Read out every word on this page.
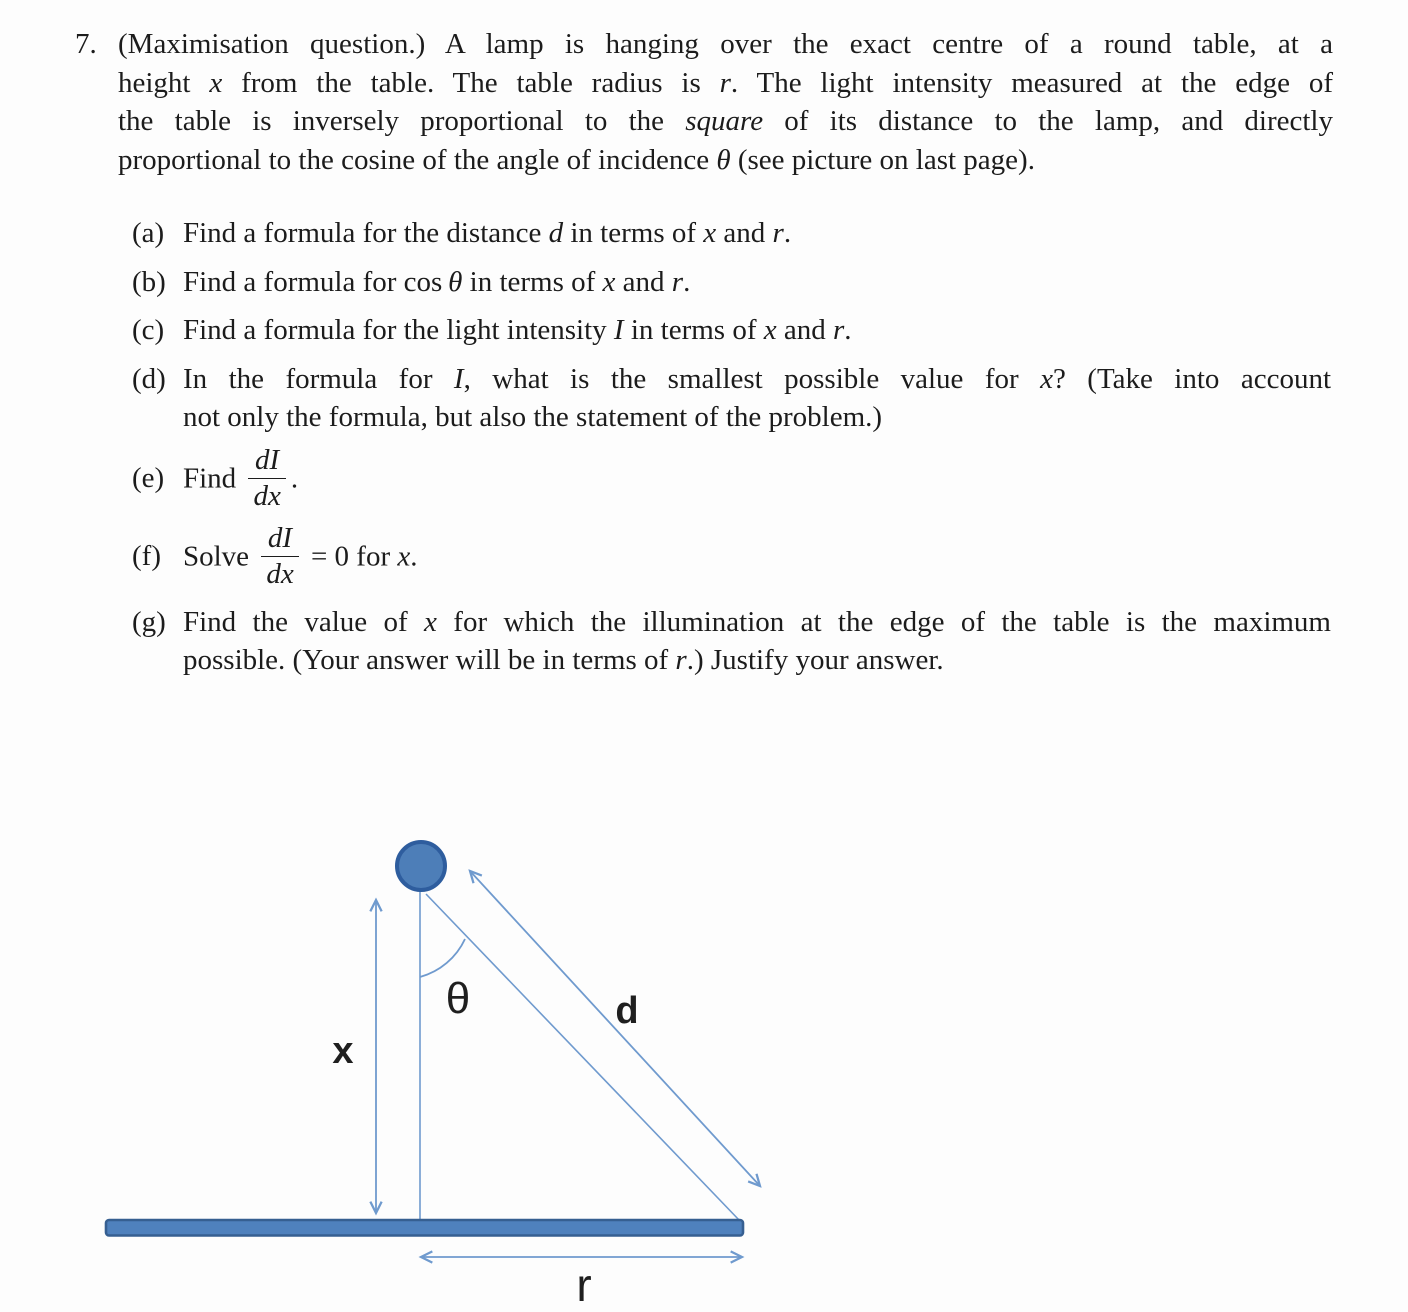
7. (Maximisation question.) A lamp is hanging over the exact centre of a round table, at a
height x from the table. The table radius is r. The light intensity measured at the edge of
the table is inversely proportional to the square of its distance to the lamp, and directly
proportional to the cosine of the angle of incidence θ (see picture on last page).
(a) Find a formula for the distance d in terms of x and r.
(b) Find a formula for cos θ in terms of x and r.
(c) Find a formula for the light intensity I in terms of x and r.
(d) In the formula for I, what is the smallest possible value for x? (Take into account
not only the formula, but also the statement of the problem.)
(e) Find $\frac{dI}{dx}$ .
(f) Solve $\frac{dI}{dx} = 0$ for x.
(g) Find the value of x for which the illumination at the edge of the table is the maximum
possible. (Your answer will be in terms of r.) Justify your answer.
x
θ	d
r
